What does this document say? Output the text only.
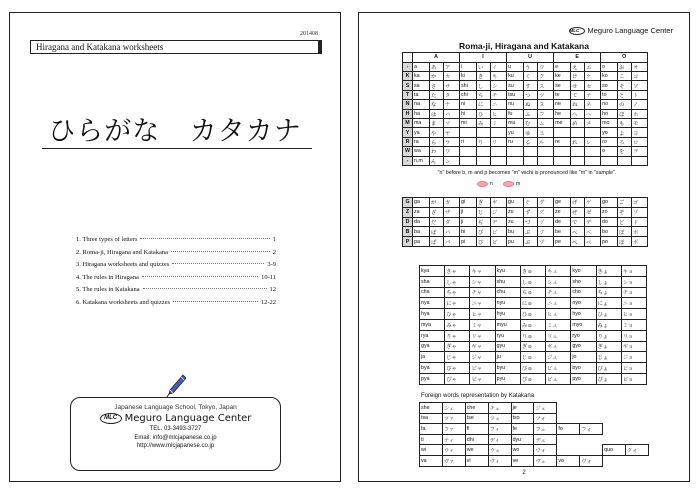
201408
Hiragana and Katakana worksheets
ひらがな カタカナ
1. Three types of letters	1
2. Roma-ji, Hiragana and Katakana	2
3. Hiragana worksheets and quizzes	3-9
4. The rules in Hiragana	10-11
5. The rules in Katakana	12
6. Katakana worksheets and quizzes	12-22
Japanese Language School, Tokyo, Japan
MLC Meguro Language Center
TEL. 03-3493-3727
Email: info@mlcjapanese.co.jp
http://www.mlcjapanese.co.jp
MLC	Meguro Language Center
Roma-ji, Hiragana and Katakana
	A			I			U			E			O		
-	a	あ	ア	i	い	イ	u	う	ウ	e	え	エ	o	お	オ
K	ka	か	カ	ki	き	キ	ku	く	ク	ke	け	ケ	ko	こ	コ
S	sa	さ	サ	shi	し	シ	su	す	ス	se	せ	セ	so	そ	ソ
T	ta	た	タ	chi	ち	チ	tsu	つ	ツ	te	て	テ	to	と	ト
N	na	な	ナ	ni	に	ニ	nu	ぬ	ヌ	ne	ね	ネ	no	の	ノ
H	ha	は	ハ	hi	ひ	ヒ	fu	ふ	フ	he	へ	ヘ	ho	ほ	ホ
M	ma	ま	マ	mi	み	ミ	mu	む	ム	me	め	メ	mo	も	モ
Y	ya	や	ヤ				yu	ゆ	ユ				yo	よ	ヨ
R	ra	ら	ラ	ri	り	リ	ru	る	ル	re	れ	レ	ro	ろ	ロ
W	wa	わ	ワ										o	を	ヲ
-	n,m	ん	ン												
"n" before b, m and p becomes "m" wichi is pronounced like "m" in "sample".
n	m
G	ga	が	ガ	gi	ぎ	ギ	gu	ぐ	グ	ge	げ	ゲ	go	ご	ゴ
Z	za	ざ	ザ	ji	じ	ジ	zu	ず	ズ	ze	ぜ	ゼ	zo	ぞ	ゾ
D	da	だ	ダ	ji	ぢ	ヂ	zu	づ	ヅ	de	で	デ	do	ど	ド
B	ba	ば	バ	bi	び	ビ	bu	ぶ	ブ	be	べ	ベ	bo	ぼ	ボ
P	pa	ぱ	パ	pi	ぴ	ピ	pu	ぷ	プ	pe	ぺ	ペ	po	ぽ	ポ
kya	きゃ	キャ	kyu	きゅ	キュ	kyo	きょ	キョ
sha	しゃ	シャ	shu	しゅ	シュ	sho	しょ	ショ
cha	ちゃ	チャ	chu	ちゅ	チュ	cho	ちょ	チョ
nya	にゃ	ニャ	nyu	にゅ	ニュ	nyo	にょ	ニョ
hya	ひゃ	ヒャ	hyu	ひゅ	ヒュ	hyo	ひょ	ヒョ
mya	みゃ	ミャ	myu	みゅ	ミュ	myo	みょ	ミョ
rya	りゃ	リャ	ryu	りゅ	リュ	ryo	りょ	リョ
gya	ぎゃ	ギャ	gyu	ぎゅ	ギュ	gyo	ぎょ	ギョ
ja	じゃ	ジャ	ju	じゅ	ジュ	jo	じょ	ジョ
bya	びゃ	ビャ	byu	びゅ	ビュ	byo	びょ	ビョ
pya	ぴゃ	ピャ	pyu	ぴゅ	ピュ	pyo	ぴょ	ピョ
Foreign words representation by Katakana
she	シェ	che	チェ	je	ジェ				
tsa	ツァ	tse	ツェ	tso	ツォ				
fa	ファ	fi	フィ	fe	フェ	fo	フォ		
ti	ティ	dhi	ディ	dyu	デュ				
wi	ウィ	we	ウェ	wo	ウォ			quo	クォ
va	ヴァ	vi	ヴィ	ve	ヴェ	vo	ヴォ		
2
